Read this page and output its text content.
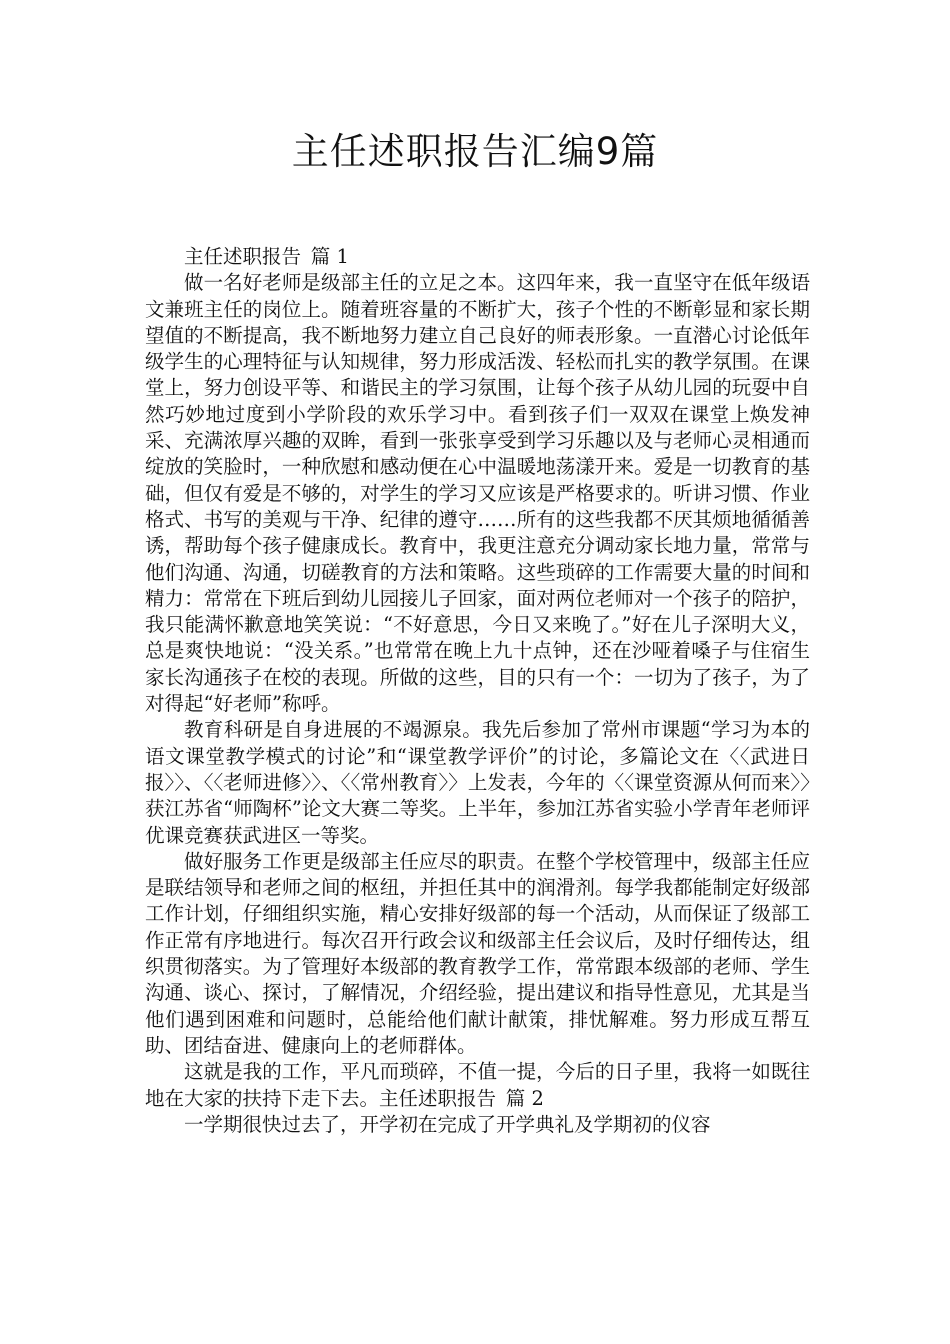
主任述职报告汇编9篇
主任述职报告 篇 1

做一名好老师是级部主任的立足之本。这四年来，我一直坚守在低年级语文兼班主任的岗位上。随着班容量的不断扩大，孩子个性的不断彰显和家长期望值的不断提高，我不断地努力建立自己良好的师表形象。一直潜心讨论低年级学生的心理特征与认知规律，努力形成活泼、轻松而扎实的教学氛围。在课堂上，努力创设平等、和谐民主的学习氛围，让每个孩子从幼儿园的玩耍中自然巧妙地过度到小学阶段的欢乐学习中。看到孩子们一双双在课堂上焕发神采、充满浓厚兴趣的双眸，看到一张张享受到学习乐趣以及与老师心灵相通而绽放的笑脸时，一种欣慰和感动便在心中温暖地荡漾开来。爱是一切教育的基础，但仅有爱是不够的，对学生的学习又应该是严格要求的。听讲习惯、作业格式、书写的美观与干净、纪律的遵守……所有的这些我都不厌其烦地循循善诱，帮助每个孩子健康成长。教育中，我更注意充分调动家长地力量，常常与他们沟通、沟通，切磋教育的方法和策略。这些琐碎的工作需要大量的时间和精力：常常在下班后到幼儿园接儿子回家，面对两位老师对一个孩子的陪护，我只能满怀歉意地笑笑说：“不好意思，今日又来晚了。”好在儿子深明大义，总是爽快地说：“没关系。”也常常在晚上九十点钟，还在沙哑着嗓子与住宿生家长沟通孩子在校的表现。所做的这些，目的只有一个：一切为了孩子，为了对得起“好老师”称呼。

教育科研是自身进展的不竭源泉。我先后参加了常州市课题“学习为本的语文课堂教学模式的讨论”和“课堂教学评价”的讨论，多篇论文在〈〈武进日报〉〉、〈〈老师进修〉〉、〈〈常州教育〉〉上发表，今年的〈〈课堂资源从何而来〉〉获江苏省“师陶杯”论文大赛二等奖。上半年，参加江苏省实验小学青年老师评优课竞赛获武进区一等奖。

做好服务工作更是级部主任应尽的职责。在整个学校管理中，级部主任应是联结领导和老师之间的枢纽，并担任其中的润滑剂。每学我都能制定好级部工作计划，仔细组织实施，精心安排好级部的每一个活动，从而保证了级部工作正常有序地进行。每次召开行政会议和级部主任会议后，及时仔细传达，组织贯彻落实。为了管理好本级部的教育教学工作，常常跟本级部的老师、学生沟通、谈心、探讨，了解情况，介绍经验，提出建议和指导性意见，尤其是当他们遇到困难和问题时，总能给他们献计献策，排忧解难。努力形成互帮互助、团结奋进、健康向上的老师群体。

这就是我的工作，平凡而琐碎，不值一提，今后的日子里，我将一如既往地在大家的扶持下走下去。主任述职报告 篇 2

一学期很快过去了，开学初在完成了开学典礼及学期初的仪容
